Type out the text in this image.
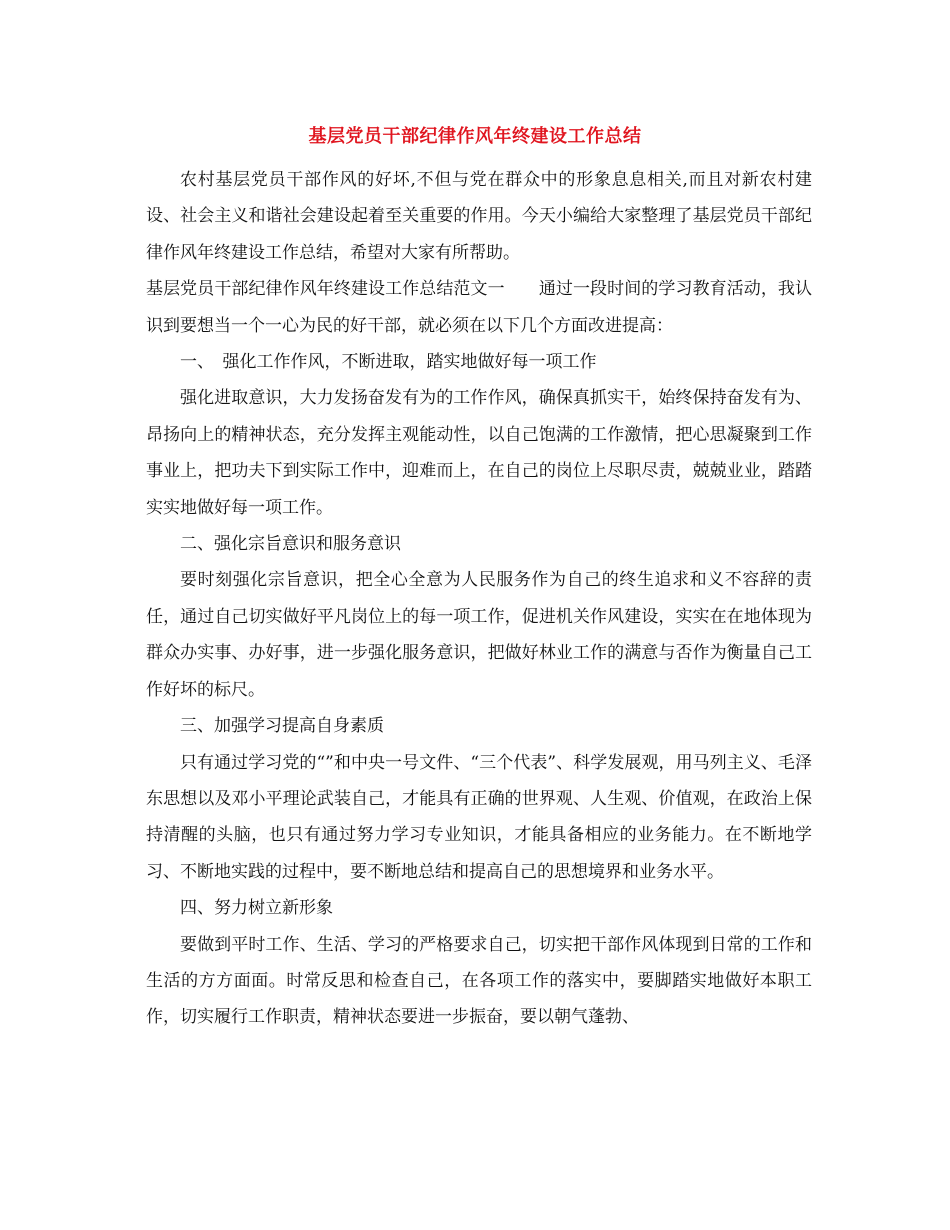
基层党员干部纪律作风年终建设工作总结

农村基层党员干部作风的好坏,不但与党在群众中的形象息息相关,而且对新农村建设、社会主义和谐社会建设起着至关重要的作用。今天小编给大家整理了基层党员干部纪律作风年终建设工作总结，希望对大家有所帮助。

基层党员干部纪律作风年终建设工作总结范文一　　通过一段时间的学习教育活动，我认识到要想当一个一心为民的好干部，就必须在以下几个方面改进提高：

一、　强化工作作风，不断进取，踏实地做好每一项工作

强化进取意识，大力发扬奋发有为的工作作风，确保真抓实干，始终保持奋发有为、昂扬向上的精神状态，充分发挥主观能动性，以自己饱满的工作激情，把心思凝聚到工作事业上，把功夫下到实际工作中，迎难而上，在自己的岗位上尽职尽责，兢兢业业，踏踏实实地做好每一项工作。

二、强化宗旨意识和服务意识

要时刻强化宗旨意识，把全心全意为人民服务作为自己的终生追求和义不容辞的责任，通过自己切实做好平凡岗位上的每一项工作，促进机关作风建设，实实在在地体现为群众办实事、办好事，进一步强化服务意识，把做好林业工作的满意与否作为衡量自己工作好坏的标尺。

三、加强学习提高自身素质

只有通过学习党的“”和中央一号文件、“三个代表”、科学发展观，用马列主义、毛泽东思想以及邓小平理论武装自己，才能具有正确的世界观、人生观、价值观，在政治上保持清醒的头脑，也只有通过努力学习专业知识，才能具备相应的业务能力。在不断地学习、不断地实践的过程中，要不断地总结和提高自己的思想境界和业务水平。

四、努力树立新形象

要做到平时工作、生活、学习的严格要求自己，切实把干部作风体现到日常的工作和生活的方方面面。时常反思和检查自己，在各项工作的落实中，要脚踏实地做好本职工作，切实履行工作职责，精神状态要进一步振奋，要以朝气蓬勃、
